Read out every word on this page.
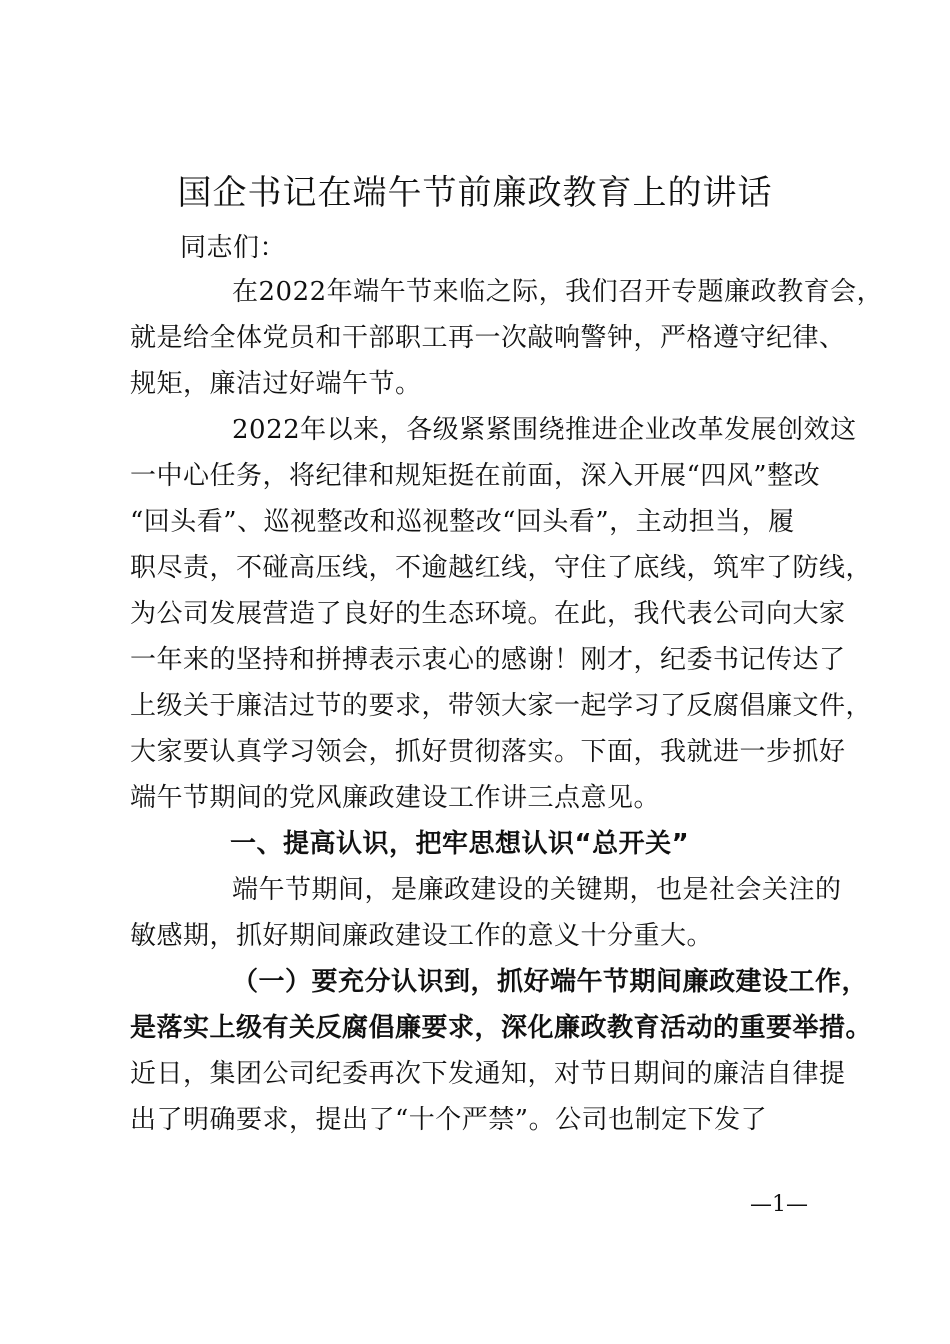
国企书记在端午节前廉政教育上的讲话
同志们：
在2022年端午节来临之际，我们召开专题廉政教育会，
就是给全体党员和干部职工再一次敲响警钟，严格遵守纪律、
规矩，廉洁过好端午节。
2022年以来，各级紧紧围绕推进企业改革发展创效这
一中心任务，将纪律和规矩挺在前面，深入开展“四风”整改
“回头看”、巡视整改和巡视整改“回头看”，主动担当，履
职尽责，不碰高压线，不逾越红线，守住了底线，筑牢了防线，
为公司发展营造了良好的生态环境。在此，我代表公司向大家
一年来的坚持和拼搏表示衷心的感谢！刚才，纪委书记传达了
上级关于廉洁过节的要求，带领大家一起学习了反腐倡廉文件，
大家要认真学习领会，抓好贯彻落实。下面，我就进一步抓好
端午节期间的党风廉政建设工作讲三点意见。
一、提高认识，把牢思想认识“总开关”
端午节期间，是廉政建设的关键期，也是社会关注的
敏感期，抓好期间廉政建设工作的意义十分重大。
（一）要充分认识到，抓好端午节期间廉政建设工作，
是落实上级有关反腐倡廉要求，深化廉政教育活动的重要举措。
近日，集团公司纪委再次下发通知，对节日期间的廉洁自律提
出了明确要求，提出了“十个严禁”。公司也制定下发了
—1—
